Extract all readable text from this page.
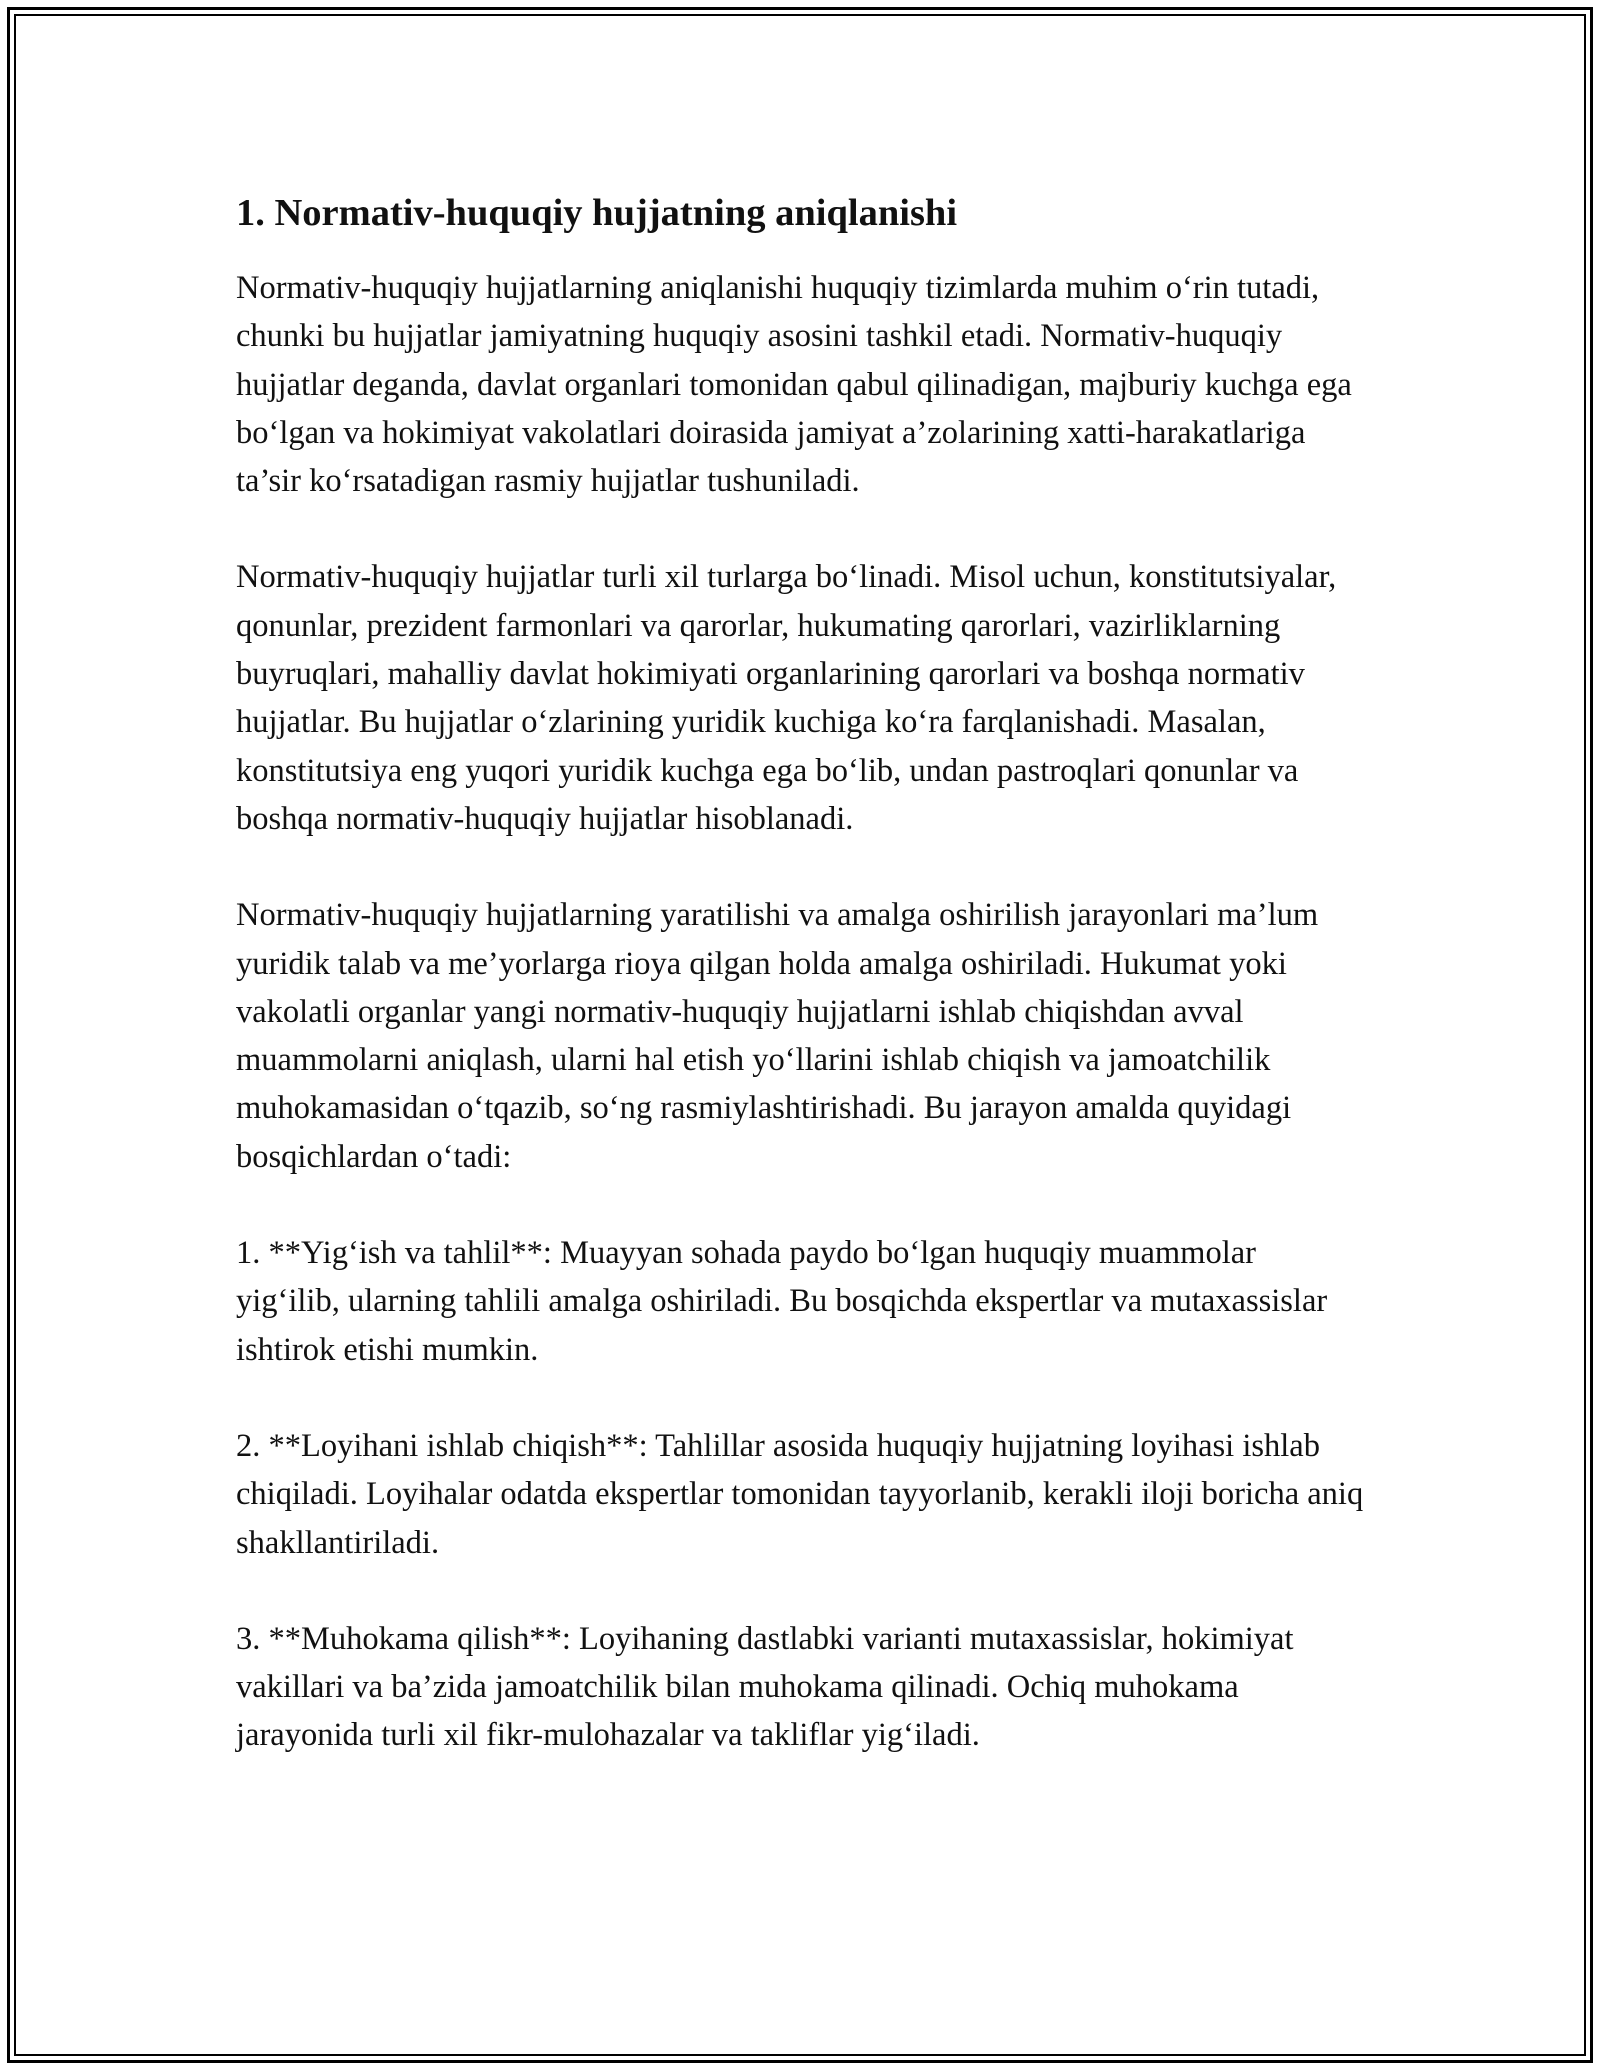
1. Normativ-huquqiy hujjatning aniqlanishi

Normativ-huquqiy hujjatlarning aniqlanishi huquqiy tizimlarda muhim o‘rin tutadi, chunki bu hujjatlar jamiyatning huquqiy asosini tashkil etadi. Normativ-huquqiy hujjatlar deganda, davlat organlari tomonidan qabul qilinadigan, majburiy kuchga ega bo‘lgan va hokimiyat vakolatlari doirasida jamiyat a’zolarining xatti-harakatlariga ta’sir ko‘rsatadigan rasmiy hujjatlar tushuniladi.

Normativ-huquqiy hujjatlar turli xil turlarga bo‘linadi. Misol uchun, konstitutsiyalar, qonunlar, prezident farmonlari va qarorlar, hukumating qarorlari, vazirliklarning buyruqlari, mahalliy davlat hokimiyati organlarining qarorlari va boshqa normativ hujjatlar. Bu hujjatlar o‘zlarining yuridik kuchiga ko‘ra farqlanishadi. Masalan, konstitutsiya eng yuqori yuridik kuchga ega bo‘lib, undan pastroqlari qonunlar va boshqa normativ-huquqiy hujjatlar hisoblanadi.

Normativ-huquqiy hujjatlarning yaratilishi va amalga oshirilish jarayonlari ma’lum yuridik talab va me’yorlarga rioya qilgan holda amalga oshiriladi. Hukumat yoki vakolatli organlar yangi normativ-huquqiy hujjatlarni ishlab chiqishdan avval muammolarni aniqlash, ularni hal etish yo‘llarini ishlab chiqish va jamoatchilik muhokamasidan o‘tqazib, so‘ng rasmiylashtirishadi. Bu jarayon amalda quyidagi bosqichlardan o‘tadi:

1. **Yig‘ish va tahlil**: Muayyan sohada paydo bo‘lgan huquqiy muammolar yig‘ilib, ularning tahlili amalga oshiriladi. Bu bosqichda ekspertlar va mutaxassislar ishtirok etishi mumkin.

2. **Loyihani ishlab chiqish**: Tahlillar asosida huquqiy hujjatning loyihasi ishlab chiqiladi. Loyihalar odatda ekspertlar tomonidan tayyorlanib, kerakli iloji boricha aniq shakllantiriladi.

3. **Muhokama qilish**: Loyihaning dastlabki varianti mutaxassislar, hokimiyat vakillari va ba’zida jamoatchilik bilan muhokama qilinadi. Ochiq muhokama jarayonida turli xil fikr-mulohazalar va takliflar yig‘iladi.
